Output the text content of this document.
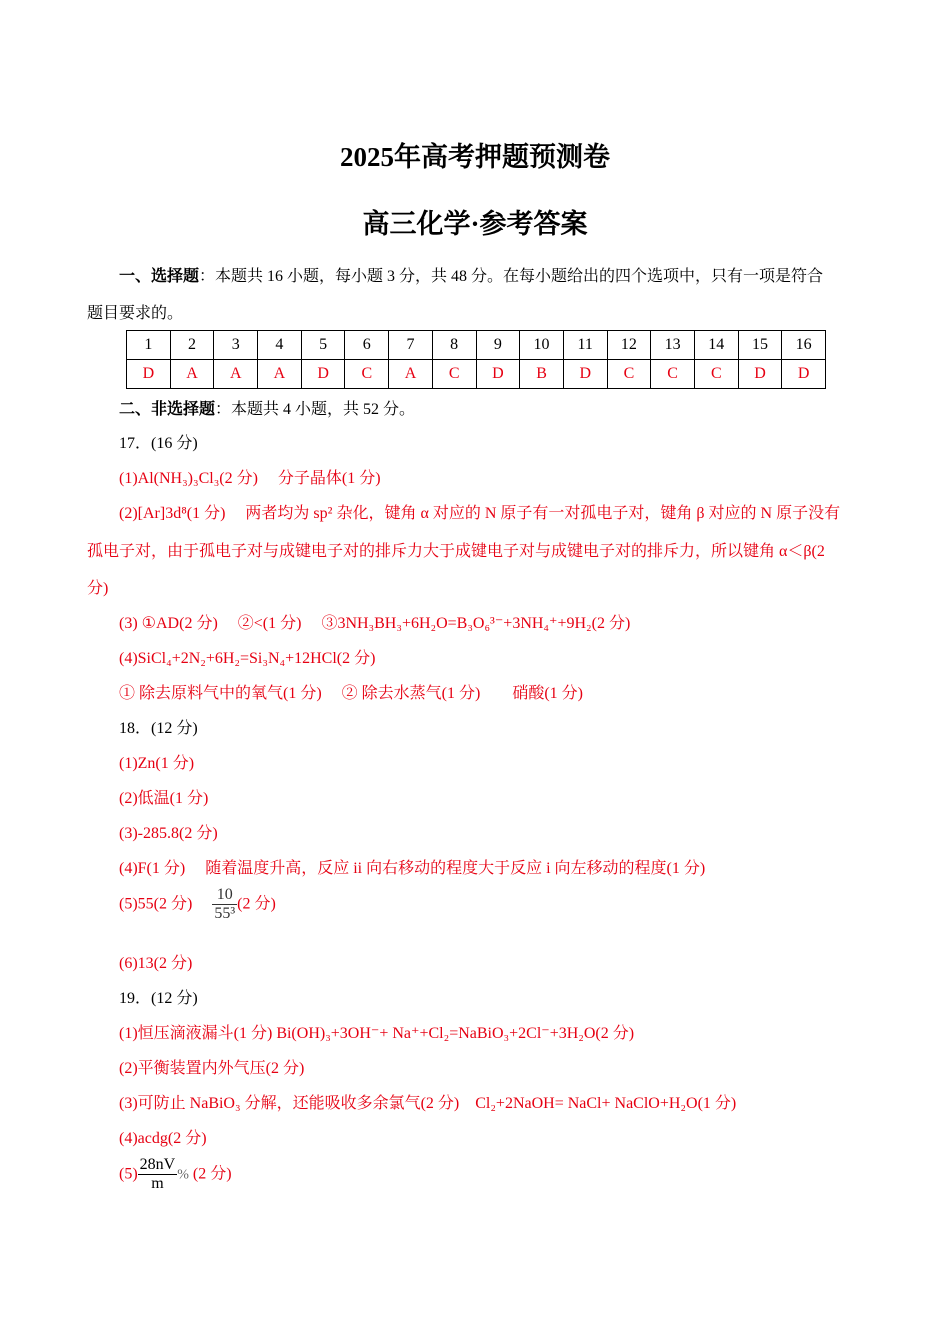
2025年高考押题预测卷
高三化学·参考答案
一、选择题：本题共 16 小题，每小题 3 分，共 48 分。在每小题给出的四个选项中，只有一项是符合
题目要求的。
1	2	3	4	5	6	7	8	9	10	11	12	13	14	15	16
D	A	A	A	D	C	A	C	D	B	D	C	C	C	D	D
二、非选择题：本题共 4 小题，共 52 分。
17．(16 分)
(1)Al(NH₃)₃Cl₃(2 分)　 分子晶体(1 分)
(2)[Ar]3d⁸(1 分)　 两者均为 sp² 杂化，键角 α 对应的 N 原子有一对孤电子对，键角 β 对应的 N 原子没有
孤电子对，由于孤电子对与成键电子对的排斥力大于成键电子对与成键电子对的排斥力，所以键角 α＜β(2
分)
(3) ①AD(2 分)　 ②<(1 分)　 ③3NH₃BH₃+6H₂O=B₃O₆³⁻+3NH₄⁺+9H₂(2 分)
(4)SiCl₄+2N₂+6H₂=Si₃N₄+12HCl(2 分)
① 除去原料气中的氧气(1 分)　 ② 除去水蒸气(1 分)　　硝酸(1 分)
18．(12 分)
(1)Zn(1 分)
(2)低温(1 分)
(3)-285.8(2 分)
(4)F(1 分)　 随着温度升高，反应 ii 向右移动的程度大于反应 i 向左移动的程度(1 分)
(5)55(2 分) $\frac{10}{\text{55³}} (2$ 分)
(6)13(2 分)
19．(12 分)
(1)恒压滴液漏斗(1 分) Bi(OH)₃+3OH⁻+ Na⁺+Cl₂=NaBiO₃+2Cl⁻+3H₂O(2 分)
(2)平衡装置内外气压(2 分)
(3)可防止 NaBiO₃ 分解，还能吸收多余氯气(2 分)　Cl₂+2NaOH= NaCl+ NaClO+H₂O(1 分)
(4)acdg(2 分)
$(5) \frac{28nV}{m}$ % (2 分)
